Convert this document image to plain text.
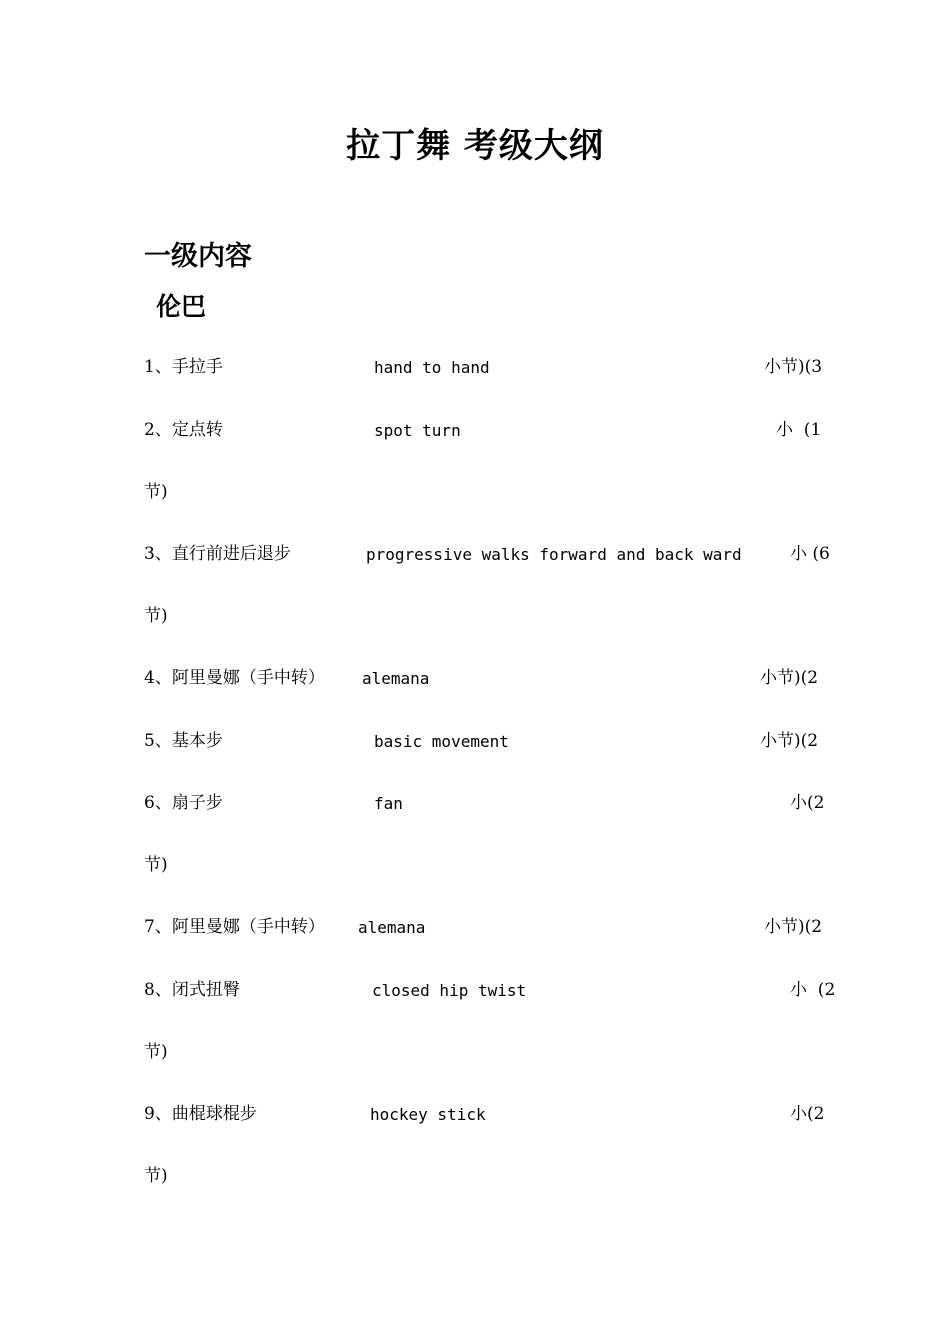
拉丁舞 考级大纲
一级内容
伦巴
1、手拉手	hand to hand	小节)(3
2、定点转	spot turn	小  (1
节)
3、直行前进后退步	progressive walks forward and back ward	小 (6
节)
4、阿里曼娜（手中转） alemana	小节)(2
5、基本步	basic movement	小节)(2
6、扇子步	fan	小(2
节)
7、阿里曼娜（手中转） alemana	小节)(2
8、闭式扭臀	closed hip twist	小  (2
节)
9、曲棍球棍步	hockey stick	小(2
节)
